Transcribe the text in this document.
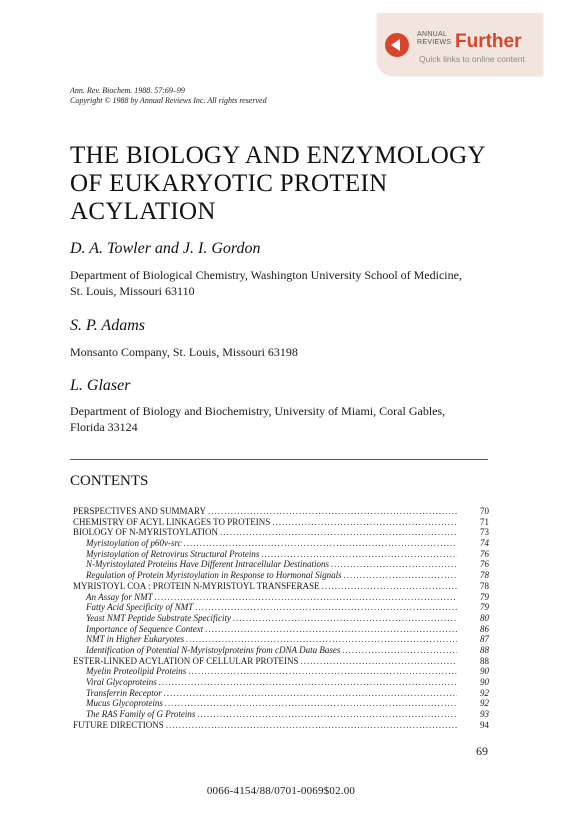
ANNUAL
REVIEWS Further
Quick links to online content
Ann. Rev. Biochem. 1988. 57:69–99
Copyright © 1988 by Annual Reviews Inc. All rights reserved
THE BIOLOGY AND ENZYMOLOGY
OF EUKARYOTIC PROTEIN
ACYLATION
D. A. Towler and J. I. Gordon
Department of Biological Chemistry, Washington University School of Medicine,
St. Louis, Missouri 63110
S. P. Adams
Monsanto Company, St. Louis, Missouri 63198
L. Glaser
Department of Biology and Biochemistry, University of Miami, Coral Gables,
Florida 33124
CONTENTS
PERSPECTIVES AND SUMMARY .....	70
CHEMISTRY OF ACYL LINKAGES TO PROTEINS .....	71
BIOLOGY OF N-MYRISTOYLATION .....	73
Myristoylation of p60v-src .....	74
Myristoylation of Retrovirus Structural Proteins .....	76
N-Myristoylated Proteins Have Different Intracellular Destinations .....	76
Regulation of Protein Myristoylation in Response to Hormonal Signals .....	78
MYRISTOYL COA : PROTEIN N-MYRISTOYL TRANSFERASE .....	78
An Assay for NMT .....	79
Fatty Acid Specificity of NMT .....	79
Yeast NMT Peptide Substrate Specificity .....	80
Importance of Sequence Context .....	86
NMT in Higher Eukaryotes .....	87
Identification of Potential N-Myristoylproteins from cDNA Data Bases .....	88
ESTER-LINKED ACYLATION OF CELLULAR PROTEINS .....	88
Myelin Proteolipid Proteins .....	90
Viral Glycoproteins .....	90
Transferrin Receptor .....	92
Mucus Glycoproteins .....	92
The RAS Family of G Proteins .....	93
FUTURE DIRECTIONS .....	94
69
0066-4154/88/0701-0069$02.00
